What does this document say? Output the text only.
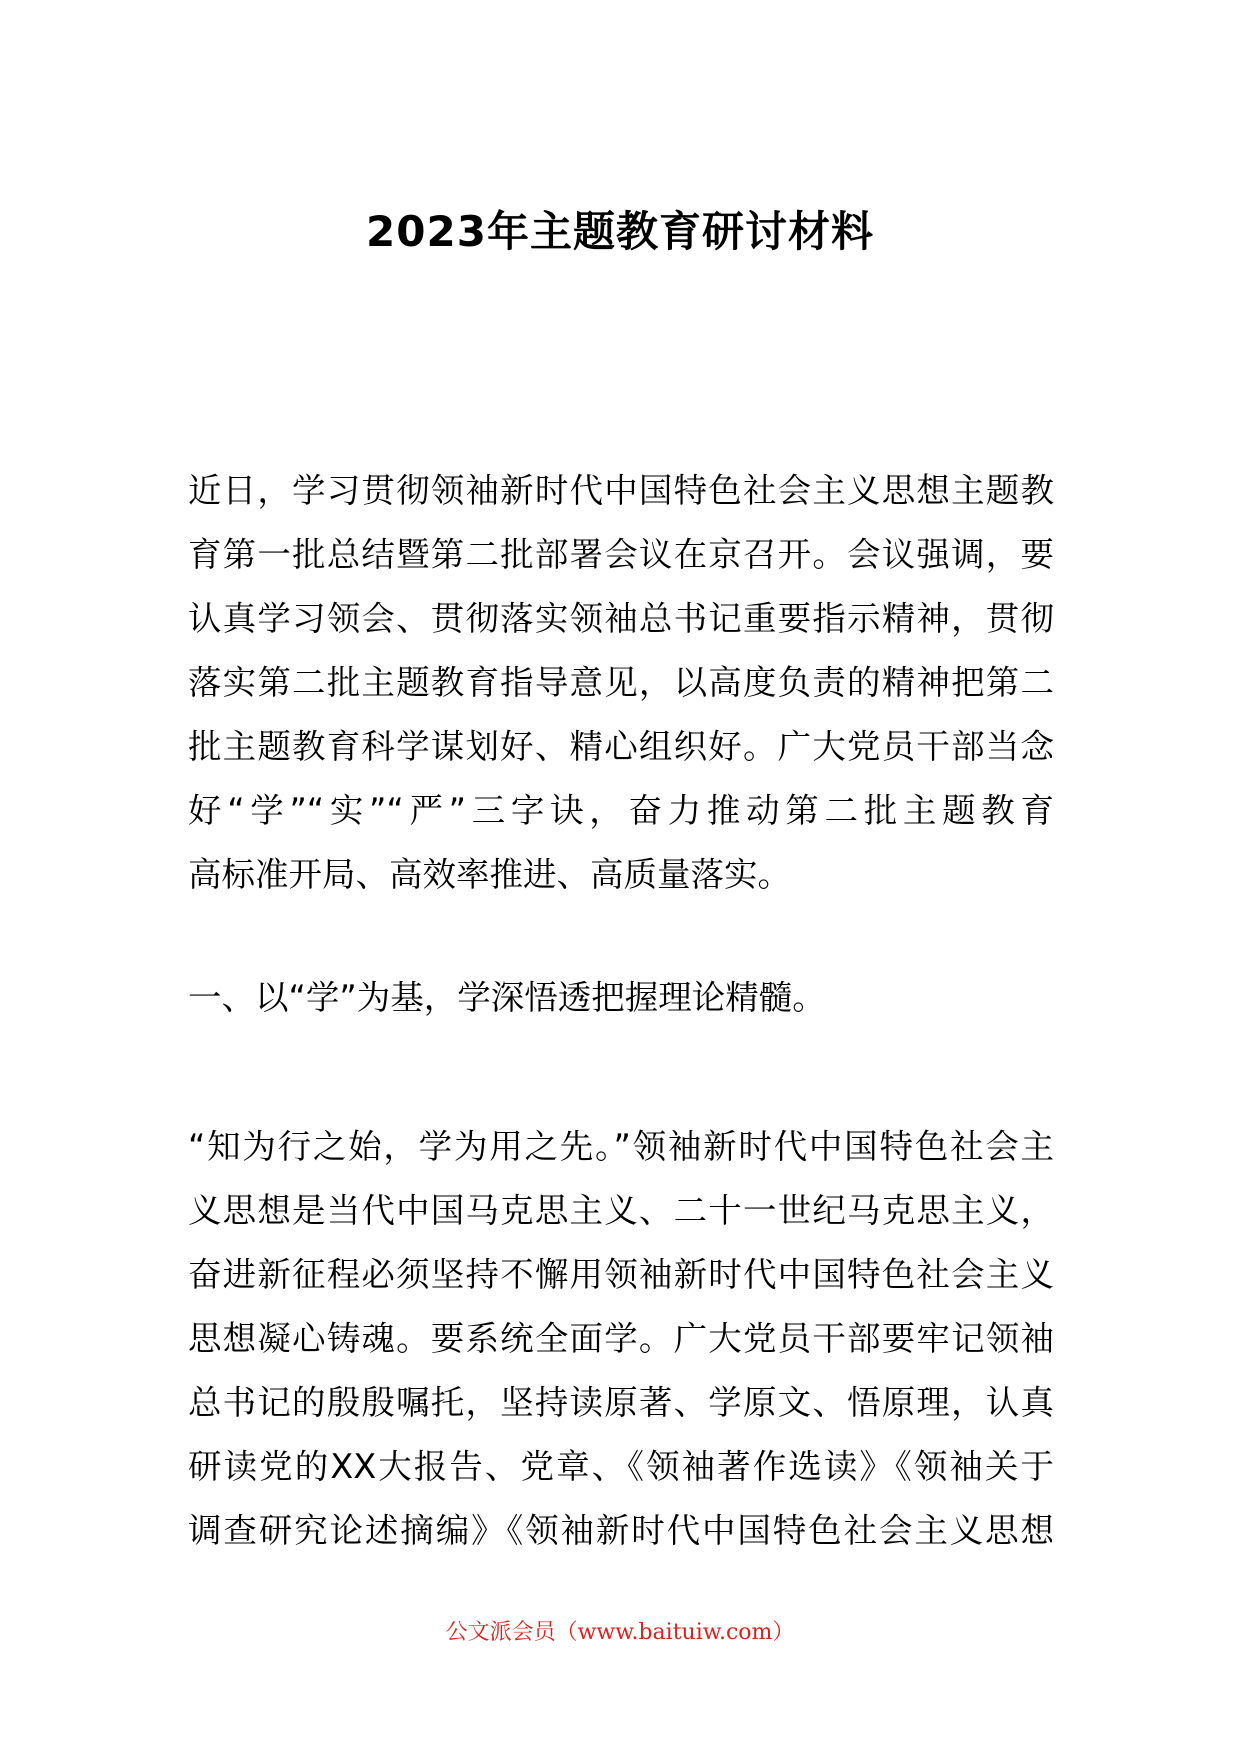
2023年主题教育研讨材料
近日，学习贯彻领袖新时代中国特色社会主义思想主题教
育第一批总结暨第二批部署会议在京召开。会议强调，要
认真学习领会、贯彻落实领袖总书记重要指示精神，贯彻
落实第二批主题教育指导意见，以高度负责的精神把第二
批主题教育科学谋划好、精心组织好。广大党员干部当念
好“学”“实”“严”三字诀，奋力推动第二批主题教育
高标准开局、高效率推进、高质量落实。
一、以“学”为基，学深悟透把握理论精髓。
“知为行之始，学为用之先。”领袖新时代中国特色社会主
义思想是当代中国马克思主义、二十一世纪马克思主义，
奋进新征程必须坚持不懈用领袖新时代中国特色社会主义
思想凝心铸魂。要系统全面学。广大党员干部要牢记领袖
总书记的殷殷嘱托，坚持读原著、学原文、悟原理，认真
研读党的XX大报告、党章、《领袖著作选读》《领袖关于
调查研究论述摘编》《领袖新时代中国特色社会主义思想

公文派会员（www.baituiw.com）
